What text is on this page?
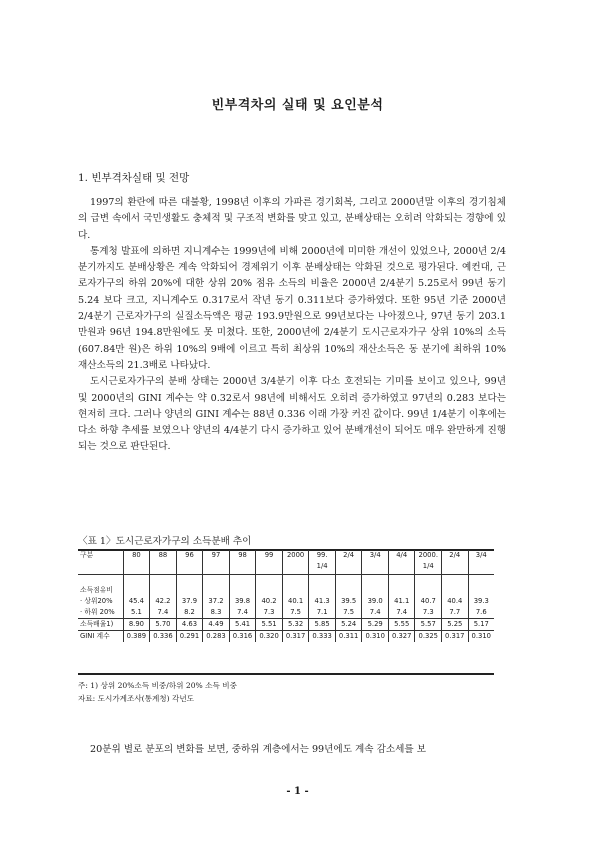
빈부격차의 실태 및 요인분석
1. 빈부격차실태 및 전망

1997의 환란에 따른 대불황, 1998년 이후의 가파른 경기회복, 그리고 2000년말 이후의 경기침체의 급변 속에서 국민생활도 충체적 및 구조적 변화를 맞고 있고, 분배상태는 오히려 악화되는 경향에 있다.

통계청 발표에 의하면 지니계수는 1999년에 비해 2000년에 미미한 개선이 있었으나, 2000년 2/4분기까지도 분배상황은 계속 악화되어 경제위기 이후 분배상태는 악화된 것으로 평가된다. 예컨대, 근로자가구의 하위 20%에 대한 상위 20% 점유 소득의 비율은 2000년 2/4분기 5.25로서 99년 동기 5.24 보다 크고, 지니계수도 0.317로서 작년 동기 0.311보다 증가하였다. 또한 95년 기준 2000년 2/4분기 근로자가구의 실질소득액은 평균 193.9만원으로 99년보다는 나아졌으나, 97년 동기 203.1만원과 96년 194.8만원에도 못 미쳤다. 또한, 2000년에 2/4분기 도시근로자가구 상위 10%의 소득(607.84만 원)은 하위 10%의 9배에 이르고 특히 최상위 10%의 재산소득은 동 분기에 최하위 10% 재산소득의 21.3배로 나타났다.

도시근로자가구의 분배 상태는 2000년 3/4분기 이후 다소 호전되는 기미를 보이고 있으나, 99년 및 2000년의 GINI 계수는 약 0.32로서 98년에 비해서도 오히려 증가하였고 97년의 0.283 보다는 현저히 크다. 그러나 양년의 GINI 계수는 88년 0.336 이래 가장 커진 값이다. 99년 1/4분기 이후에는 다소 하향 추세를 보였으나 양년의 4/4분기 다시 증가하고 있어 분배개선이 되어도 매우 완만하게 진행되는 것으로 판단된다.

〈표 1〉도시근로자가구의 소득분배 추이
구분	80	88	96	97	98	99	2000	99.
1/4	2/4	3/4	4/4	2000.
1/4	2/4	3/4

소득점유비														
· 상위20%	45.4	42.2	37.9	37.2	39.8	40.2	40.1	41.3	39.5	39.0	41.1	40.7	40.4	39.3
· 하위 20%	5.1	7.4	8.2	8.3	7.4	7.3	7.5	7.1	7.5	7.4	7.4	7.3	7.7	7.6
소득배율1)	8.90	5.70	4.63	4.49	5.41	5.51	5.32	5.85	5.24	5.29	5.55	5.57	5.25	5.17
GINI 계수	0.389	0.336	0.291	0.283	0.316	0.320	0.317	0.333	0.311	0.310	0.327	0.325	0.317	0.310
주: 1) 상위 20%소득 비중/하위 20% 소득 비중
자료: 도시가계조사(통계청) 각년도
20분위 별로 분포의 변화를 보면, 중하위 계층에서는 99년에도 계속 감소세를 보
- 1 -
